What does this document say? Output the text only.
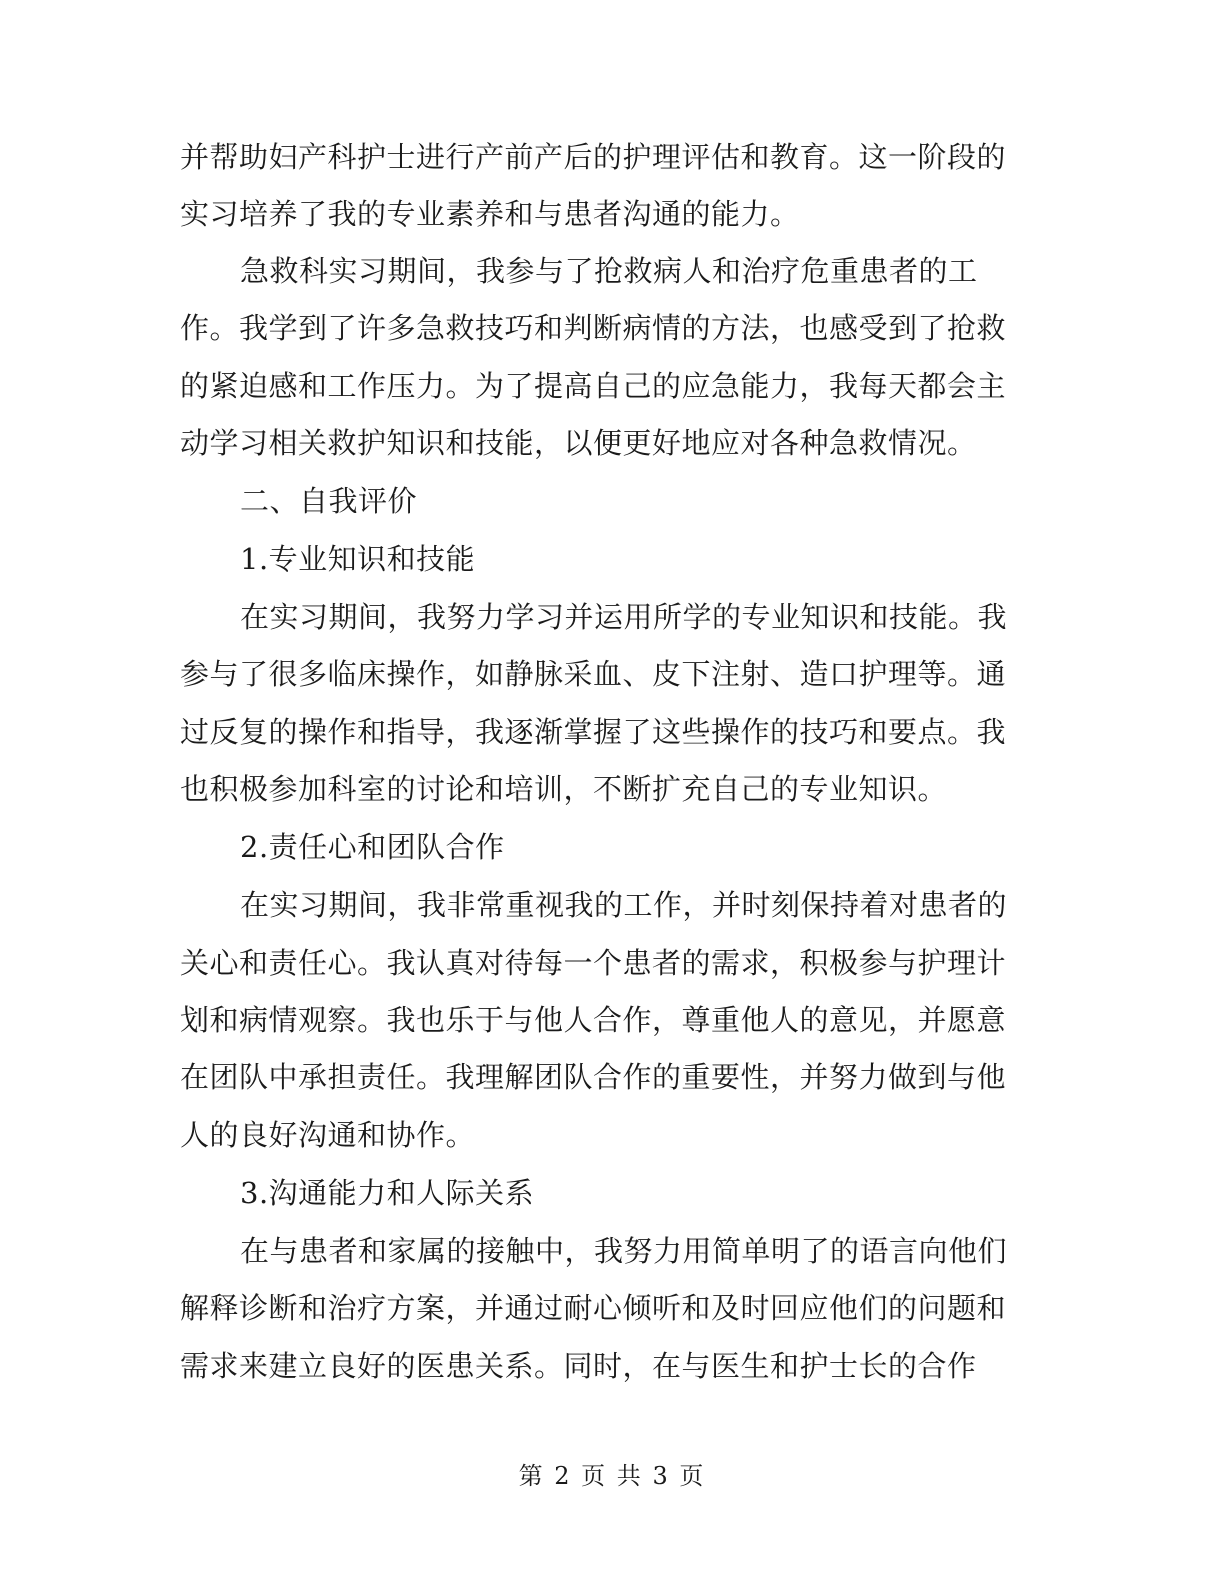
并帮助妇产科护士进行产前产后的护理评估和教育。这一阶段的
实习培养了我的专业素养和与患者沟通的能力。
急救科实习期间，我参与了抢救病人和治疗危重患者的工
作。我学到了许多急救技巧和判断病情的方法，也感受到了抢救
的紧迫感和工作压力。为了提高自己的应急能力，我每天都会主
动学习相关救护知识和技能，以便更好地应对各种急救情况。
二、自我评价
1.专业知识和技能
在实习期间，我努力学习并运用所学的专业知识和技能。我
参与了很多临床操作，如静脉采血、皮下注射、造口护理等。通
过反复的操作和指导，我逐渐掌握了这些操作的技巧和要点。我
也积极参加科室的讨论和培训，不断扩充自己的专业知识。
2.责任心和团队合作
在实习期间，我非常重视我的工作，并时刻保持着对患者的
关心和责任心。我认真对待每一个患者的需求，积极参与护理计
划和病情观察。我也乐于与他人合作，尊重他人的意见，并愿意
在团队中承担责任。我理解团队合作的重要性，并努力做到与他
人的良好沟通和协作。
3.沟通能力和人际关系
在与患者和家属的接触中，我努力用简单明了的语言向他们
解释诊断和治疗方案，并通过耐心倾听和及时回应他们的问题和
需求来建立良好的医患关系。同时，在与医生和护士长的合作
第 2 页 共 3 页
